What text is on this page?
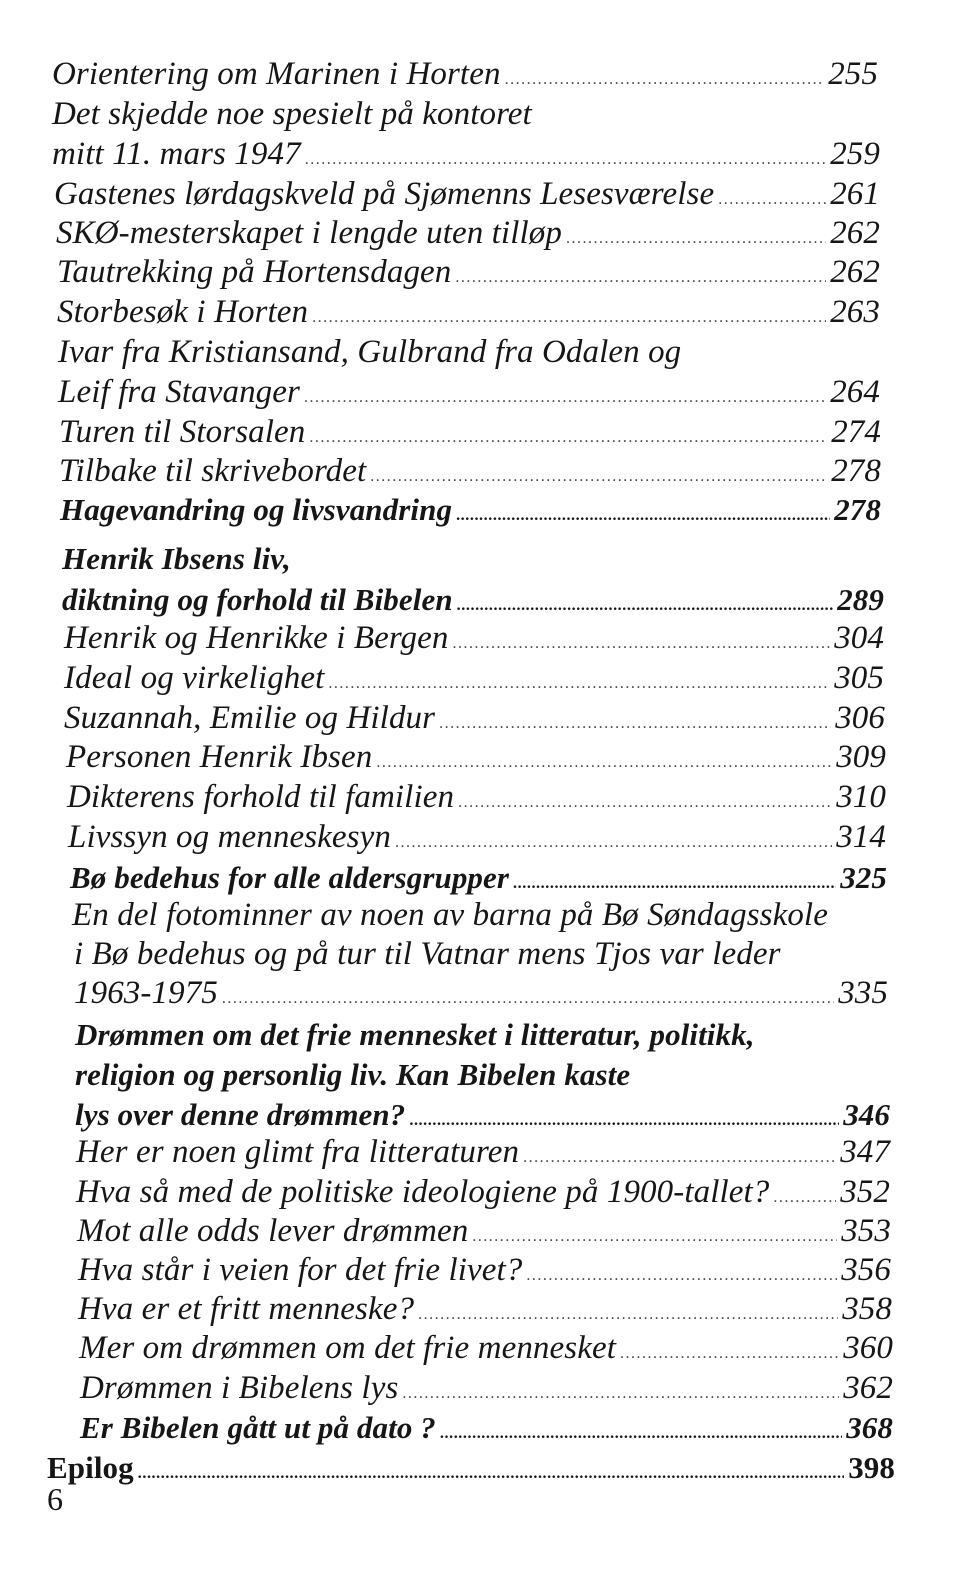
Orientering om Marinen i Horten .....	255
Det skjedde noe spesielt på kontoret
mitt 11. mars 1947 .....	259
Gastenes lørdagskveld på Sjømenns Lesesværelse .....	261
SKØ-mesterskapet i lengde uten tilløp .....	262
Tautrekking på Hortensdagen .....	262
Storbesøk i Horten .....	263
Ivar fra Kristiansand, Gulbrand fra Odalen og
Leif fra Stavanger .....	264
Turen til Storsalen .....	274
Tilbake til skrivebordet .....	278
Hagevandring og livsvandring .....	278
Henrik Ibsens liv,
diktning og forhold til Bibelen .....	289
Henrik og Henrikke i Bergen .....	304
Ideal og virkelighet .....	305
Suzannah, Emilie og Hildur .....	306
Personen Henrik Ibsen .....	309
Dikterens forhold til familien .....	310
Livssyn og menneskesyn .....	314
Bø bedehus for alle aldersgrupper .....	325
En del fotominner av noen av barna på Bø Søndagsskole
i Bø bedehus og på tur til Vatnar mens Tjos var leder
1963-1975 .....	335
Drømmen om det frie mennesket i litteratur, politikk,
religion og personlig liv. Kan Bibelen kaste
lys over denne drømmen? .....	346
Her er noen glimt fra litteraturen .....	347
Hva så med de politiske ideologiene på 1900-tallet? ..... 352
Mot alle odds lever drømmen .....	353
Hva står i veien for det frie livet? .....	356
Hva er et fritt menneske? .....	358
Mer om drømmen om det frie mennesket .....	360
Drømmen i Bibelens lys .....	362
Er Bibelen gått ut på dato ? .....	368
Epilog .....	398
6
